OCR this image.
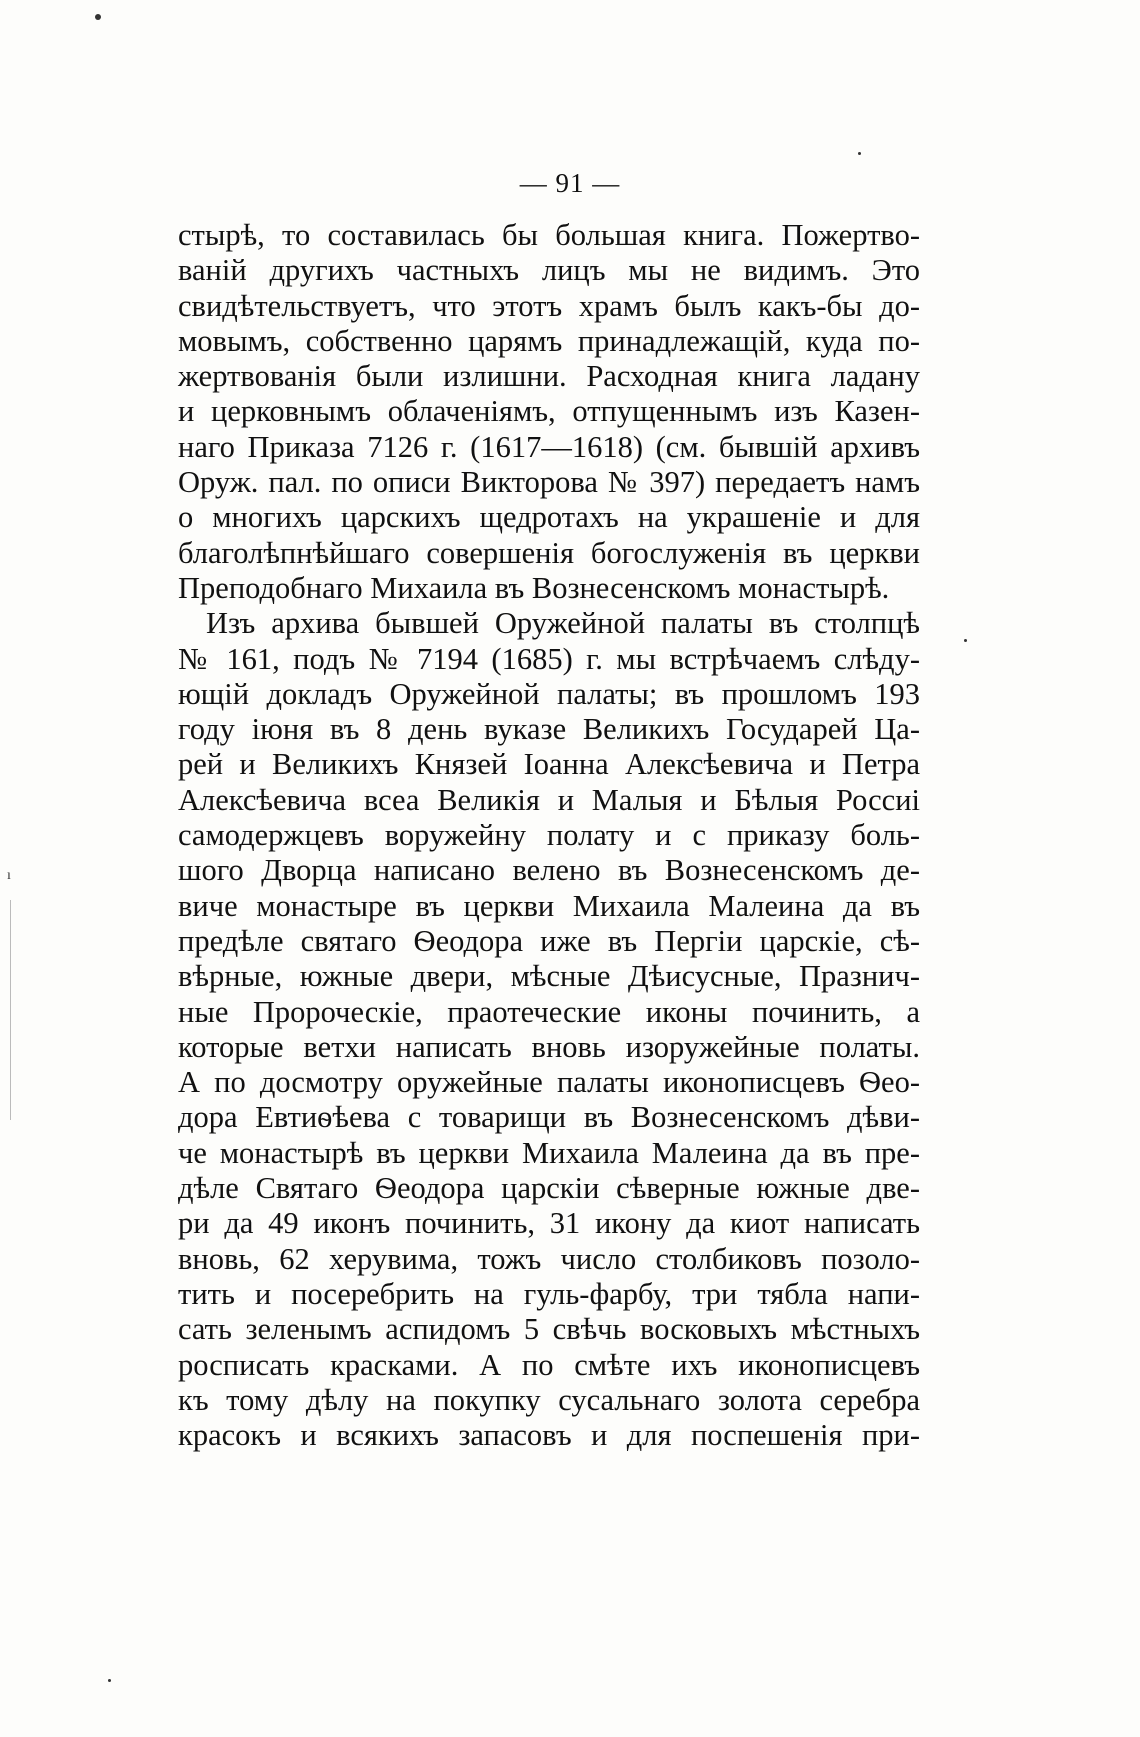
ı
— 91 —
стырѣ, то составилась бы большая книга. Пожертво-
ваній другихъ частныхъ лицъ мы не видимъ. Это
свидѣтельствуетъ, что этотъ храмъ былъ какъ-бы до-
мовымъ, собственно царямъ принадлежащій, куда по-
жертвованія были излишни. Расходная книга ладану
и церковнымъ облаченіямъ, отпущеннымъ изъ Казен-
наго Приказа 7126 г. (1617—1618) (см. бывшій архивъ
Оруж. пал. по описи Викторова № 397) передаетъ намъ
о многихъ царскихъ щедротахъ на украшеніе и для
благолѣпнѣйшаго совершенія богослуженія въ церкви
Преподобнаго Михаила въ Вознесенскомъ монастырѣ.
Изъ архива бывшей Оружейной палаты въ столпцѣ
№ 161, подъ № 7194 (1685) г. мы встрѣчаемъ слѣду-
ющій докладъ Оружейной палаты; въ прошломъ 193
году іюня въ 8 день вуказе Великихъ Государей Ца-
рей и Великихъ Князей Іоанна Алексѣевича и Петра
Алексѣевича всеа Великія и Малыя и Бѣлыя Россиі
самодержцевъ воружейну полату и с приказу боль-
шого Дворца написано велено въ Вознесенскомъ де-
виче монастыре въ церкви Михаила Малеина да въ
предѣле святаго Ѳеодора иже въ Пергіи царскіе, сѣ-
вѣрные, южные двери, мѣсные Дѣисусные, Празнич-
ные Пророческіе, праотеческие иконы починить, а
которые ветхи написать вновь изоружейные полаты.
А по досмотру оружейные палаты иконописцевъ Ѳео-
дора Евтиѳѣева с товарищи въ Вознесенскомъ дѣви-
че монастырѣ въ церкви Михаила Малеина да въ пре-
дѣле Святаго Ѳеодора царскіи сѣверные южные две-
ри да 49 иконъ починить, 31 икону да киот написать
вновь, 62 херувима, тожъ число столбиковъ позоло-
тить и посеребрить на гуль-фарбу, три тябла напи-
сать зеленымъ аспидомъ 5 свѣчь восковыхъ мѣстныхъ
росписать красками. А по смѣте ихъ иконописцевъ
къ тому дѣлу на покупку сусальнаго золота серебра
красокъ и всякихъ запасовъ и для поспешенія при-
